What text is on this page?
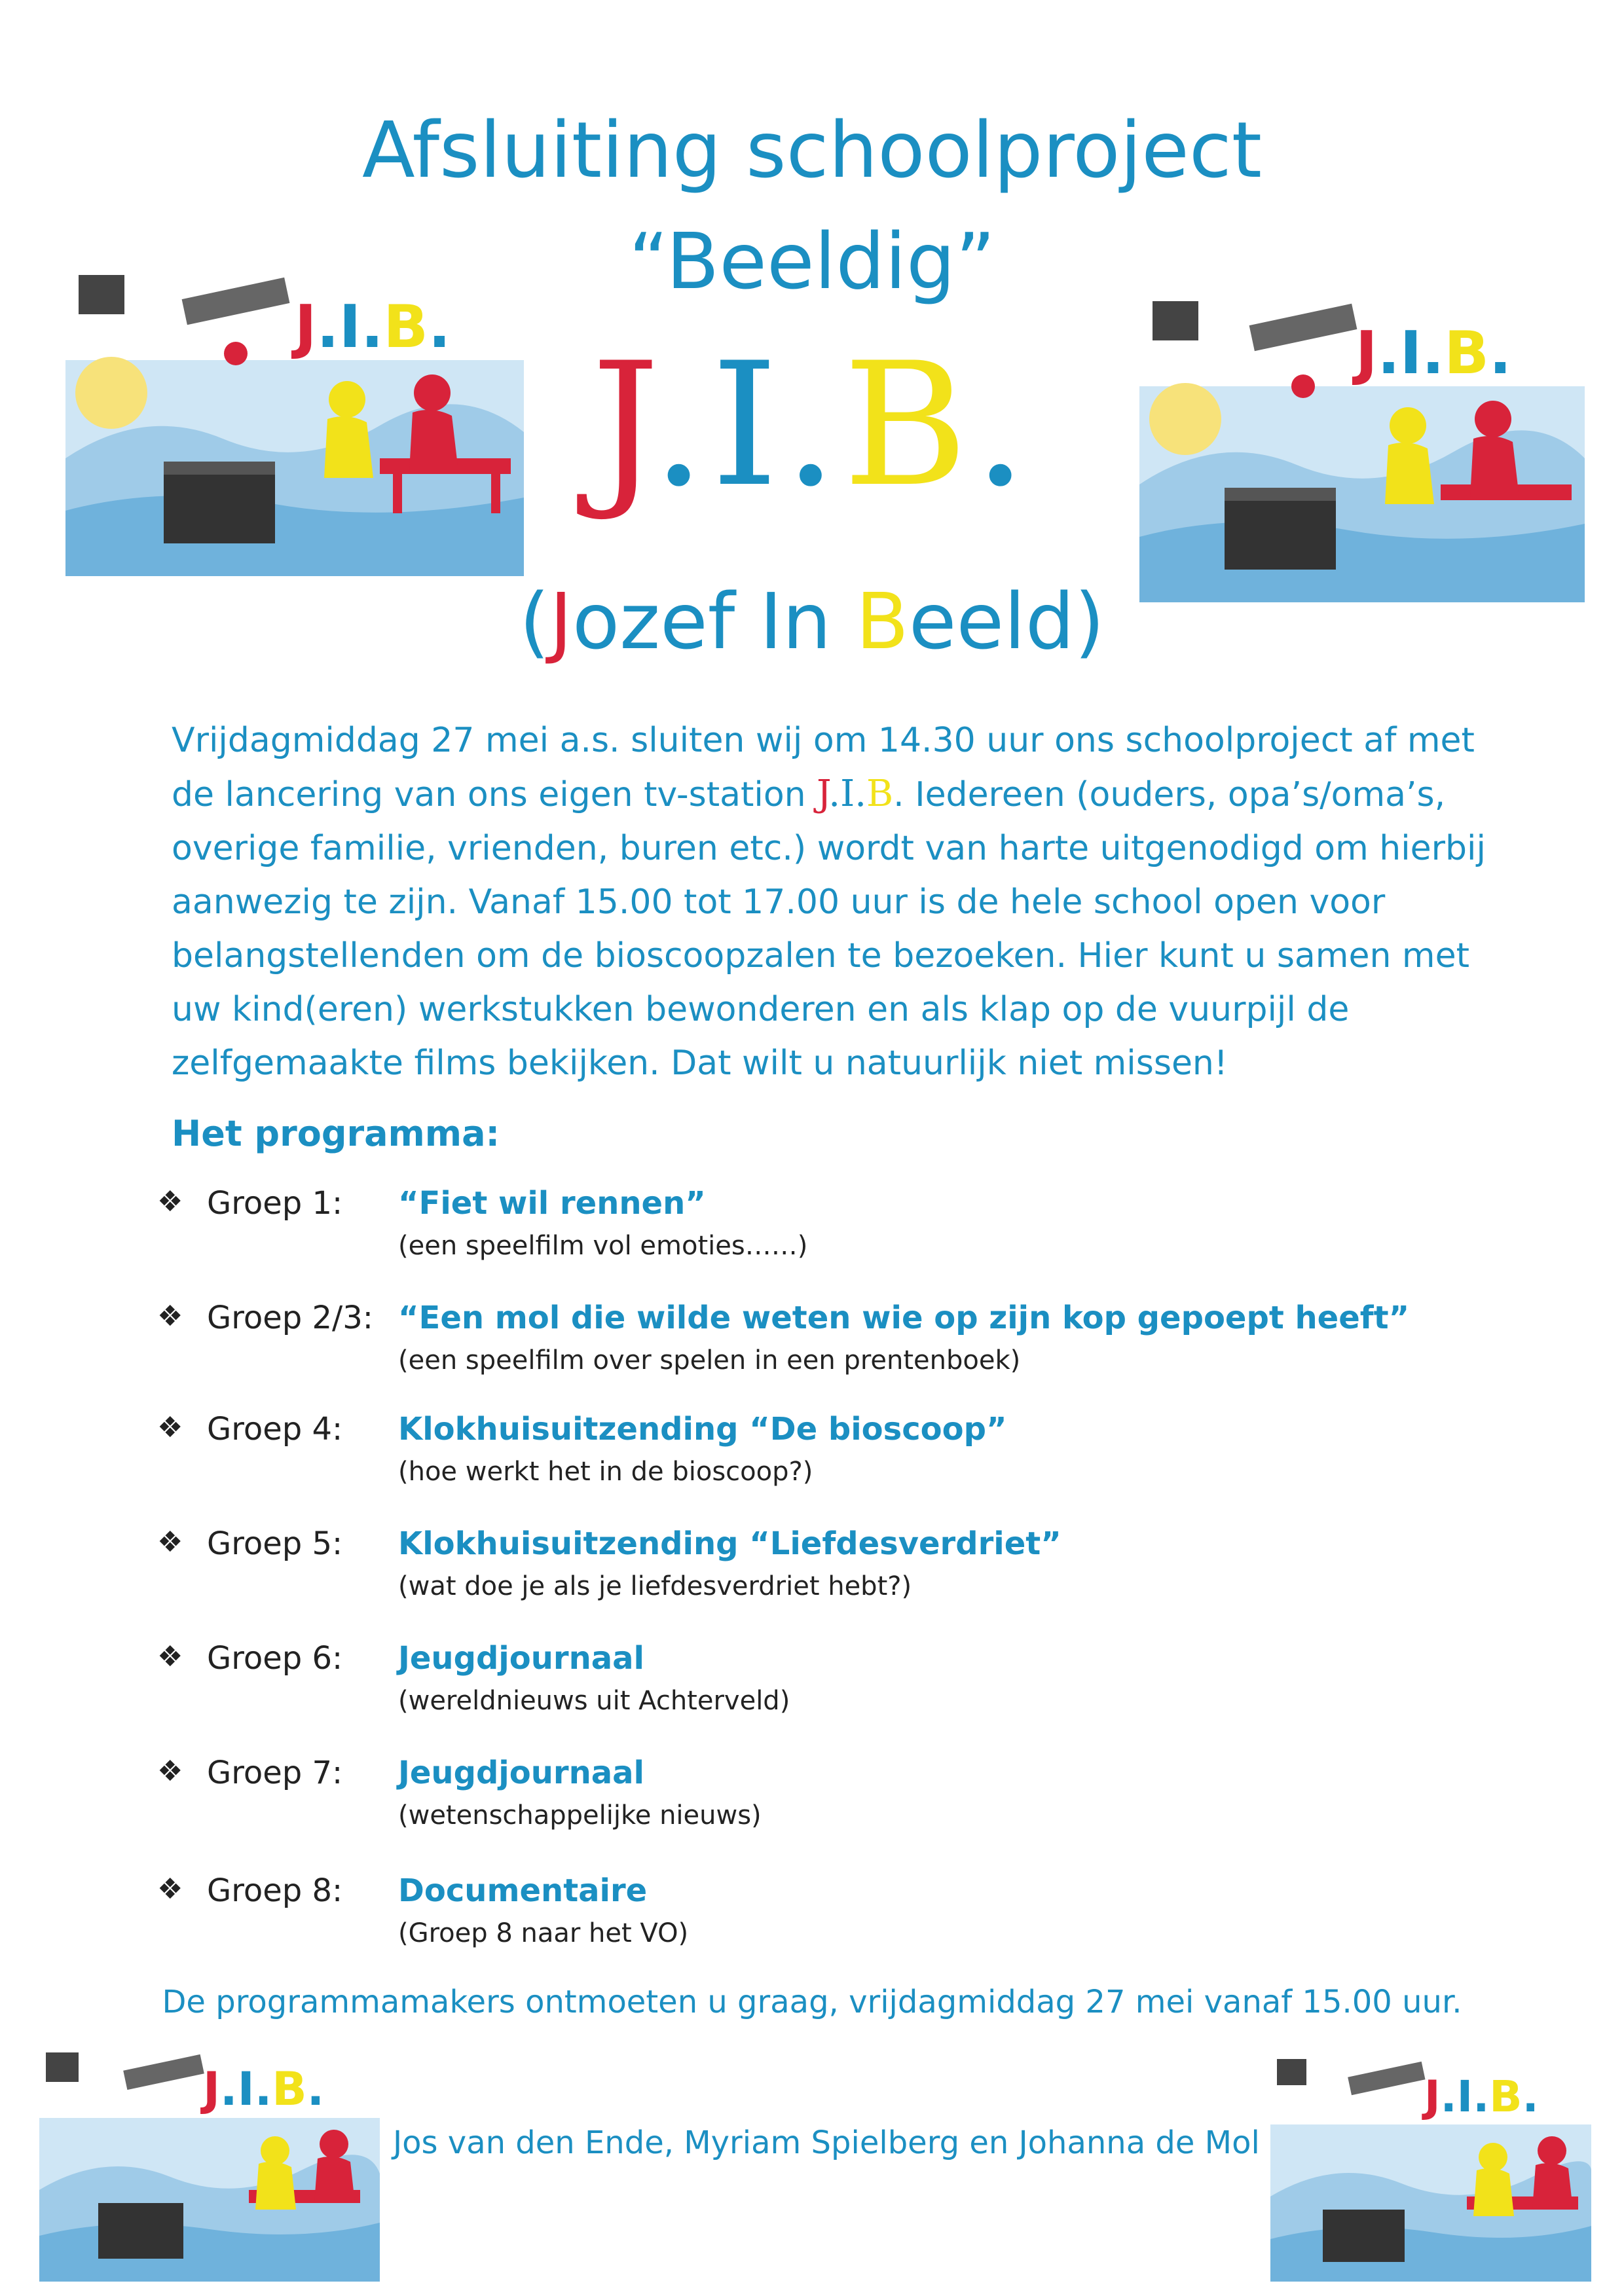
Afsluiting schoolproject
“Beeldig”
J.I.B.
(Jozef In Beeld)
Vrijdagmiddag 27 mei a.s. sluiten wij om 14.30 uur ons schoolproject af met de lancering van ons eigen tv-station J.I.B. Iedereen (ouders, opa’s/oma’s, overige familie, vrienden, buren etc.) wordt van harte uitgenodigd om hierbij aanwezig te zijn. Vanaf 15.00 tot 17.00 uur is de hele school open voor belangstellenden om de bioscoopzalen te bezoeken. Hier kunt u samen met uw kind(eren) werkstukken bewonderen en als klap op de vuurpijl de zelfgemaakte films bekijken. Dat wilt u natuurlijk niet missen!
Het programma:
❖ Groep 1: “Fiet wil rennen”
(een speelfilm vol emoties……)
❖ Groep 2/3: “Een mol die wilde weten wie op zijn kop gepoept heeft”
(een speelfilm over spelen in een prentenboek)
❖ Groep 4: Klokhuisuitzending “De bioscoop”
(hoe werkt het in de bioscoop?)
❖ Groep 5: Klokhuisuitzending “Liefdesverdriet”
(wat doe je als je liefdesverdriet hebt?)
❖ Groep 6: Jeugdjournaal
(wereldnieuws uit Achterveld)
❖ Groep 7: Jeugdjournaal
(wetenschappelijke nieuws)
❖ Groep 8: Documentaire
(Groep 8 naar het VO)
De programmamakers ontmoeten u graag, vrijdagmiddag 27 mei vanaf 15.00 uur.
Jos van den Ende, Myriam Spielberg en Johanna de Mol
J.I.B.	J.I.B.
J.I.B.	J.I.B.
